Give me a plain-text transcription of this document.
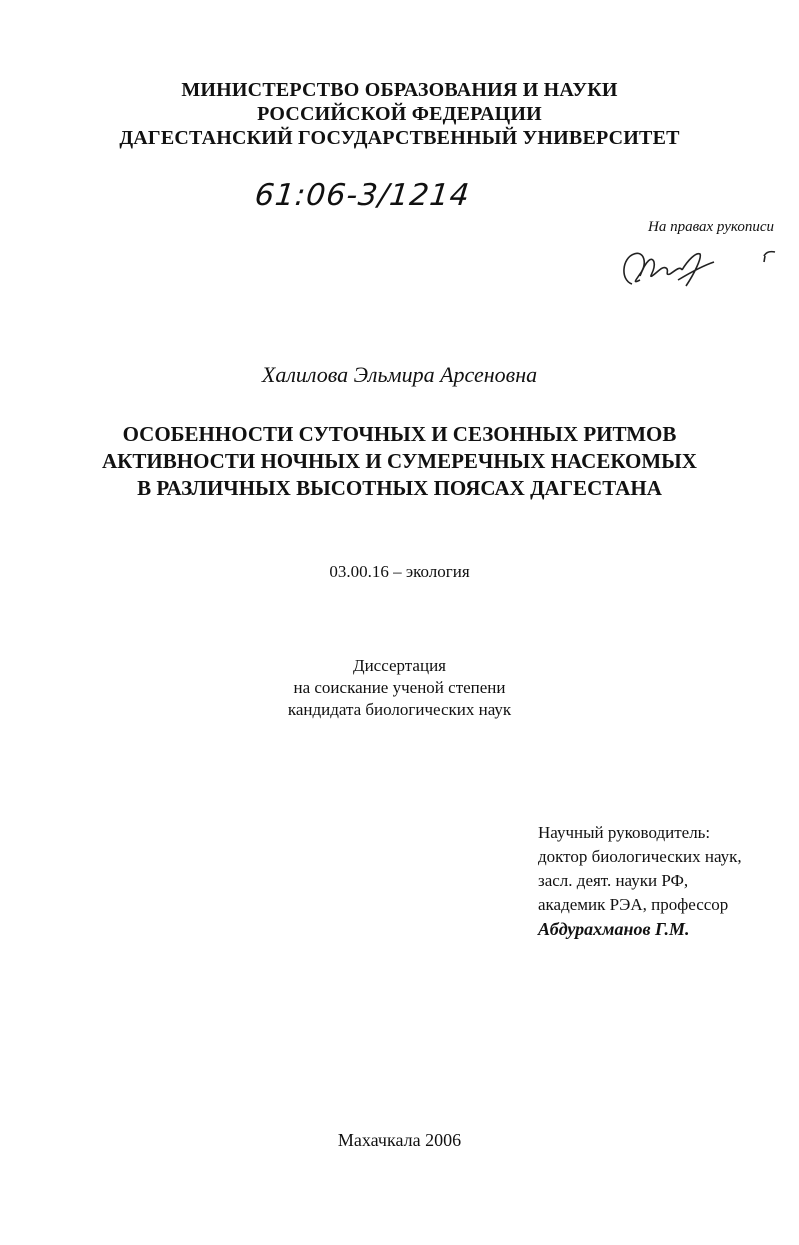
МИНИСТЕРСТВО ОБРАЗОВАНИЯ И НАУКИ
РОССИЙСКОЙ ФЕДЕРАЦИИ
ДАГЕСТАНСКИЙ ГОСУДАРСТВЕННЫЙ УНИВЕРСИТЕТ
61:06-3/1214
На правах рукописи
Халилова Эльмира Арсеновна
ОСОБЕННОСТИ СУТОЧНЫХ И СЕЗОННЫХ РИТМОВ
АКТИВНОСТИ НОЧНЫХ И СУМЕРЕЧНЫХ НАСЕКОМЫХ
В РАЗЛИЧНЫХ ВЫСОТНЫХ ПОЯСАХ ДАГЕСТАНА
03.00.16 – экология
Диссертация
на соискание ученой степени
кандидата биологических наук
Научный руководитель:
доктор биологических наук,
засл. деят. науки РФ,
академик РЭА, профессор
Абдурахманов Г.М.
Махачкала 2006
